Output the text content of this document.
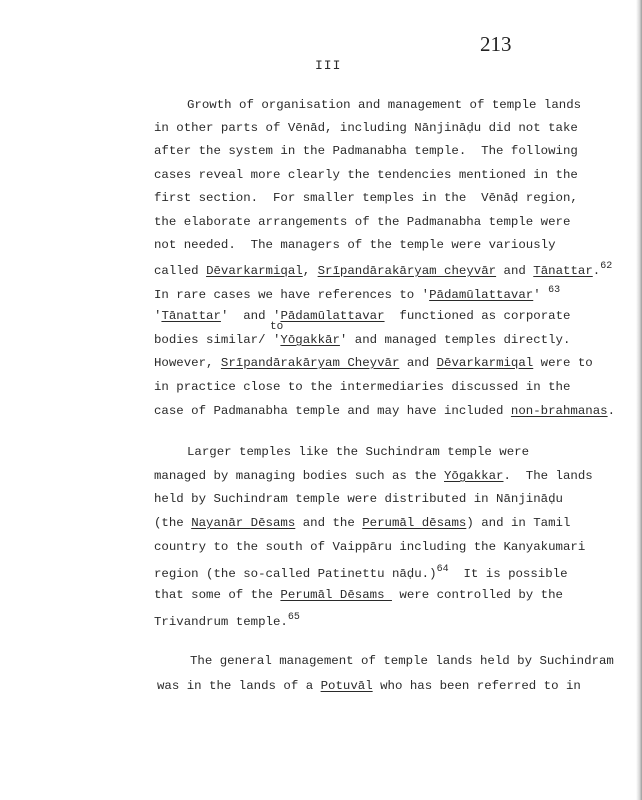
213
III
Growth of organisation and management of temple lands
in other parts of Vēnād, including Nānjināḍu did not take
after the system in the Padmanabha temple.  The following
cases reveal more clearly the tendencies mentioned in the
first section.  For smaller temples in the  Vēnāḍ region,
the elaborate arrangements of the Padmanabha temple were
not needed.  The managers of the temple were variously
called Dēvarkarmiqal, Srīpandārakāryam cheyvār and Tānattar.$^{62}$
In rare cases we have references to 'Pādamūlattavar' $^{63}$
'Tānattar'  and 'Pādamūlattavar  functioned as corporate
to
bodies similar/ 'Yōgakkār' and managed temples directly.
However, Srīpandārakāryam Cheyvār and Dēvarkarmiqal were to
in practice close to the intermediaries discussed in the
case of Padmanabha temple and may have included non-brahmanas.
Larger temples like the Suchindram temple were
managed by managing bodies such as the Yōgakkar.  The lands
held by Suchindram temple were distributed in Nānjināḍu
(the Nayanār Dēsams and the Perumāl dēsams) and in Tamil
country to the south of Vaippāru including the Kanyakumari
region (the so-called Patinettu nāḍu.)$^{64}$  It is possible
that some of the Perumāl Dēsams  were controlled by the
Trivandrum temple.$^{65}$
The general management of temple lands held by Suchindram
was in the lands of a Potuvāl who has been referred to in
